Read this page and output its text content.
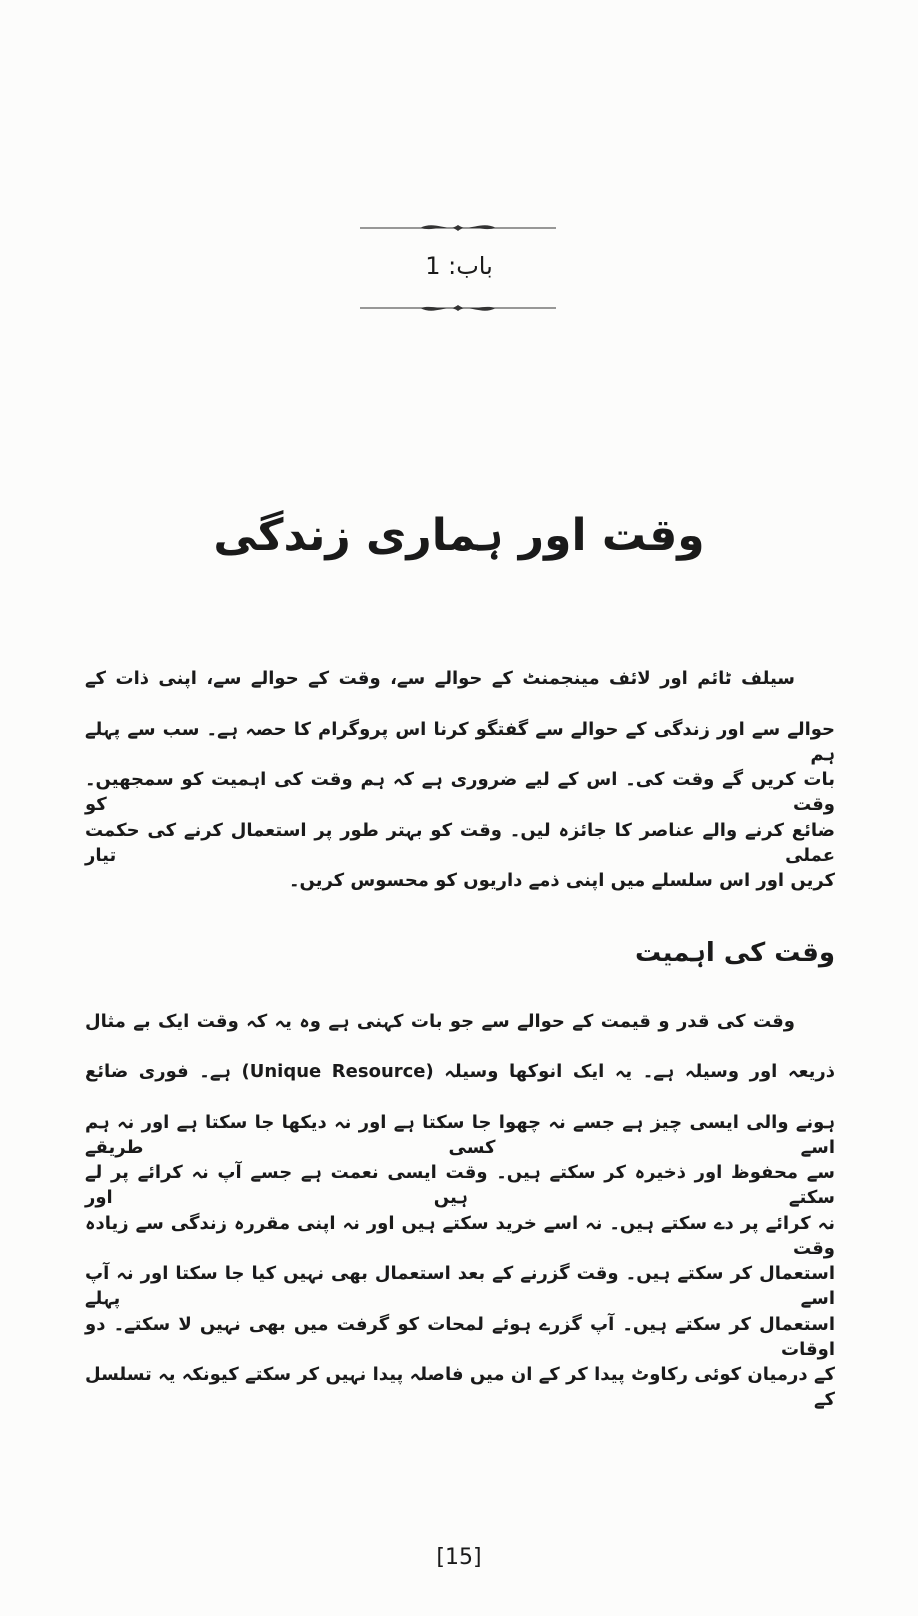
باب: 1
وقت اور ہماری زندگی
سیلف ٹائم اور لائف مینجمنٹ کے حوالے سے، وقت کے حوالے سے، اپنی ذات کے
حوالے سے اور زندگی کے حوالے سے گفتگو کرنا اس پروگرام کا حصہ ہے۔ سب سے پہلے ہم
بات کریں گے وقت کی۔ اس کے لیے ضروری ہے کہ ہم وقت کی اہمیت کو سمجھیں۔ وقت کو
ضائع کرنے والے عناصر کا جائزہ لیں۔ وقت کو بہتر طور پر استعمال کرنے کی حکمت عملی تیار
کریں اور اس سلسلے میں اپنی ذمے داریوں کو محسوس کریں۔
وقت کی اہمیت
وقت کی قدر و قیمت کے حوالے سے جو بات کہنی ہے وہ یہ کہ وقت ایک بے مثال
ذریعہ اور وسیلہ ہے۔ یہ ایک انوکھا وسیلہ (Unique Resource) ہے۔ فوری ضائع
ہونے والی ایسی چیز ہے جسے نہ چھوا جا سکتا ہے اور نہ دیکھا جا سکتا ہے اور نہ ہم اسے کسی طریقے
سے محفوظ اور ذخیرہ کر سکتے ہیں۔ وقت ایسی نعمت ہے جسے آپ نہ کرائے پر لے سکتے ہیں اور
نہ کرائے پر دے سکتے ہیں۔ نہ اسے خرید سکتے ہیں اور نہ اپنی مقررہ زندگی سے زیادہ وقت
استعمال کر سکتے ہیں۔ وقت گزرنے کے بعد استعمال بھی نہیں کیا جا سکتا اور نہ آپ اسے پہلے
استعمال کر سکتے ہیں۔ آپ گزرے ہوئے لمحات کو گرفت میں بھی نہیں لا سکتے۔ دو اوقات
کے درمیان کوئی رکاوٹ پیدا کر کے ان میں فاصلہ پیدا نہیں کر سکتے کیونکہ یہ تسلسل کے
[15]
